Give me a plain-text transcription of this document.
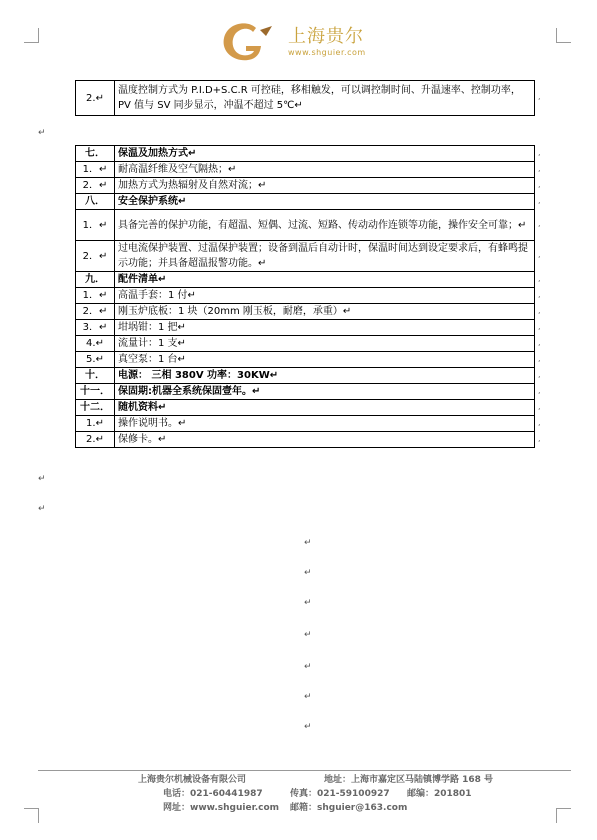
上海贵尔
www.shguier.com
2.↵	温度控制方式为 P.I.D+S.C.R 可控硅，移相触发，可以调控制时间、升温速率、控制功率，PV 值与 SV 同步显示，冲温不超过 5℃↵
↵
七．	保温及加热方式↵
1．↵	耐高温纤维及空气隔热；↵
2．↵	加热方式为热辐射及自然对流；↵
八．	安全保护系统↵
1．↵	具备完善的保护功能，有超温、短偶、过流、短路、传动动作连锁等功能，操作安全可靠；↵
2．↵	过电流保护装置、过温保护装置；设备到温后自动计时，保温时间达到设定要求后，有蜂鸣提示功能；并具备超温报警功能。↵
九．	配件清单↵
1．↵	高温手套：1 付↵
2．↵	刚玉炉底板：1 块（20mm 刚玉板，耐磨，承重）↵
3．↵	坩埚钳：1 把↵
4.↵	流量计：1 支↵
5.↵	真空泵：1 台↵
十．	电源： 三相 380V 功率：30KW↵
十一．	保固期:机器全系统保固壹年。↵
十二．	随机资料↵
1.↵	操作说明书。↵
2.↵	保修卡。↵
↵
↵
↵
↵
↵
↵
↵
↵
↵
上海贵尔机械设备有限公司	地址：上海市嘉定区马陆镇博学路 168 号
电话：021-60441987	传真：021-59100927 邮编：201801
网址：www.shguier.com 邮箱：shguier@163.com
,
,
,
,
,
,
,
,
,
,
,
,
,
,
,
,
,
,
